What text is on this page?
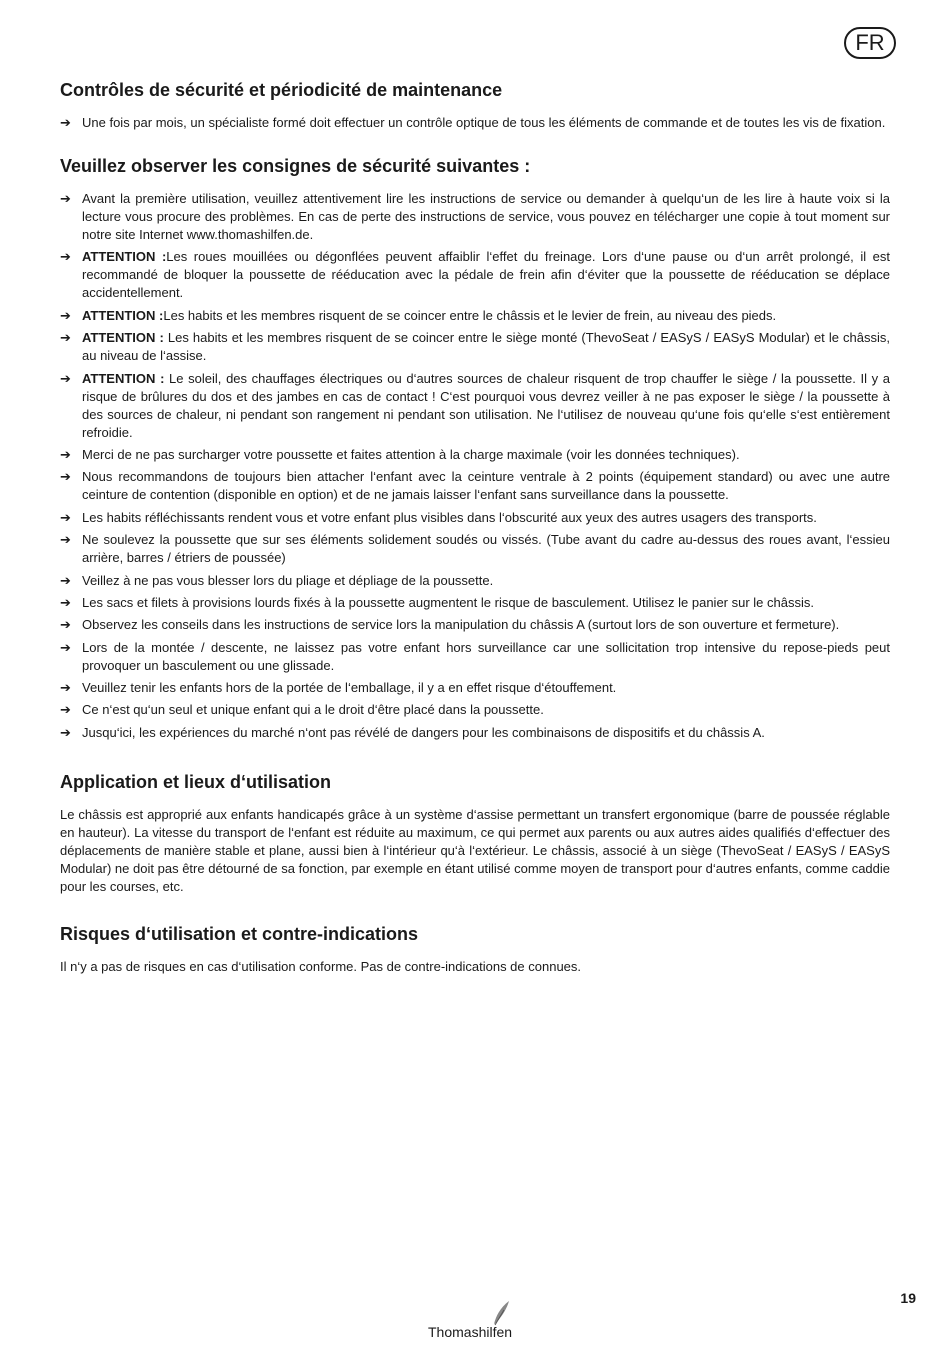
FR
Contrôles de sécurité et périodicité de maintenance
➔ Une fois par mois, un spécialiste formé doit effectuer un contrôle optique de tous les éléments de commande et de toutes les vis de fixation.
Veuillez observer les consignes de sécurité suivantes :
➔ Avant la première utilisation, veuillez attentivement lire les instructions de service ou demander à quelqu‘un de les lire à haute voix si la lecture vous procure des problèmes. En cas de perte des instructions de service, vous pouvez en télécharger une copie à tout moment sur notre site Internet www.thomashilfen.de.
➔ ATTENTION :Les roues mouillées ou dégonflées peuvent affaiblir l‘effet du freinage. Lors d‘une pause ou d‘un arrêt prolongé, il est recommandé de bloquer la poussette de rééducation avec la pédale de frein afin d‘éviter que la poussette de rééducation se déplace accidentellement.
➔ ATTENTION :Les habits et les membres risquent de se coincer entre le châssis et le levier de frein, au niveau des pieds.
➔ ATTENTION : Les habits et les membres risquent de se coincer entre le siège monté (ThevoSeat / EASyS / EASyS Modular) et le châssis, au niveau de l‘assise.
➔ ATTENTION : Le soleil, des chauffages électriques ou d‘autres sources de chaleur risquent de trop chauffer le siège / la poussette. Il y a risque de brûlures du dos et des jambes en cas de contact ! C‘est pourquoi vous devrez veiller à ne pas exposer le siège / la poussette à des sources de chaleur, ni pendant son rangement ni pendant son utilisation. Ne l‘utilisez de nouveau qu‘une fois qu‘elle s‘est entièrement refroidie.
➔ Merci de ne pas surcharger votre poussette et faites attention à la charge maximale (voir les données techniques).
➔ Nous recommandons de toujours bien attacher l‘enfant avec la ceinture ventrale à 2 points (équipement standard) ou avec une autre ceinture de contention (disponible en option) et de ne jamais laisser l‘enfant sans surveillance dans la poussette.
➔ Les habits réfléchissants rendent vous et votre enfant plus visibles dans l‘obscurité aux yeux des autres usagers des transports.
➔ Ne soulevez la poussette que sur ses éléments solidement soudés ou vissés. (Tube avant du cadre au-dessus des roues avant, l‘essieu arrière, barres / étriers de poussée)
➔ Veillez à ne pas vous blesser lors du pliage et dépliage de la poussette.
➔ Les sacs et filets à provisions lourds fixés à la poussette augmentent le risque de basculement. Utilisez le panier sur le châssis.
➔ Observez les conseils dans les instructions de service lors la manipulation du châssis A (surtout lors de son ouverture et fermeture).
➔ Lors de la montée / descente, ne laissez pas votre enfant hors surveillance car une sollicitation trop intensive du repose-pieds peut provoquer un basculement ou une glissade.
➔ Veuillez tenir les enfants hors de la portée de l‘emballage, il y a en effet risque d‘étouffement.
➔ Ce n‘est qu‘un seul et unique enfant qui a le droit d‘être placé dans la poussette.
➔ Jusqu‘ici, les expériences du marché n‘ont pas révélé de dangers pour les combinaisons de dispositifs et du châssis A.
Application et lieux d‘utilisation

Le châssis est approprié aux enfants handicapés grâce à un système d‘assise permettant un transfert ergonomique (barre de poussée réglable en hauteur). La vitesse du transport de l‘enfant est réduite au maximum, ce qui permet aux parents ou aux autres aides qualifiés d‘effectuer des déplacements de manière stable et plane, aussi bien à l‘intérieur qu‘à l‘extérieur. Le châssis, associé à un siège (ThevoSeat / EASyS / EASyS Modular) ne doit pas être détourné de sa fonction, par exemple en étant utilisé comme moyen de transport pour d‘autres enfants, comme caddie pour les courses, etc.

Risques d‘utilisation et contre-indications

Il n‘y a pas de risques en cas d‘utilisation conforme. Pas de contre-indications de connues.

19
Thomashilfen
